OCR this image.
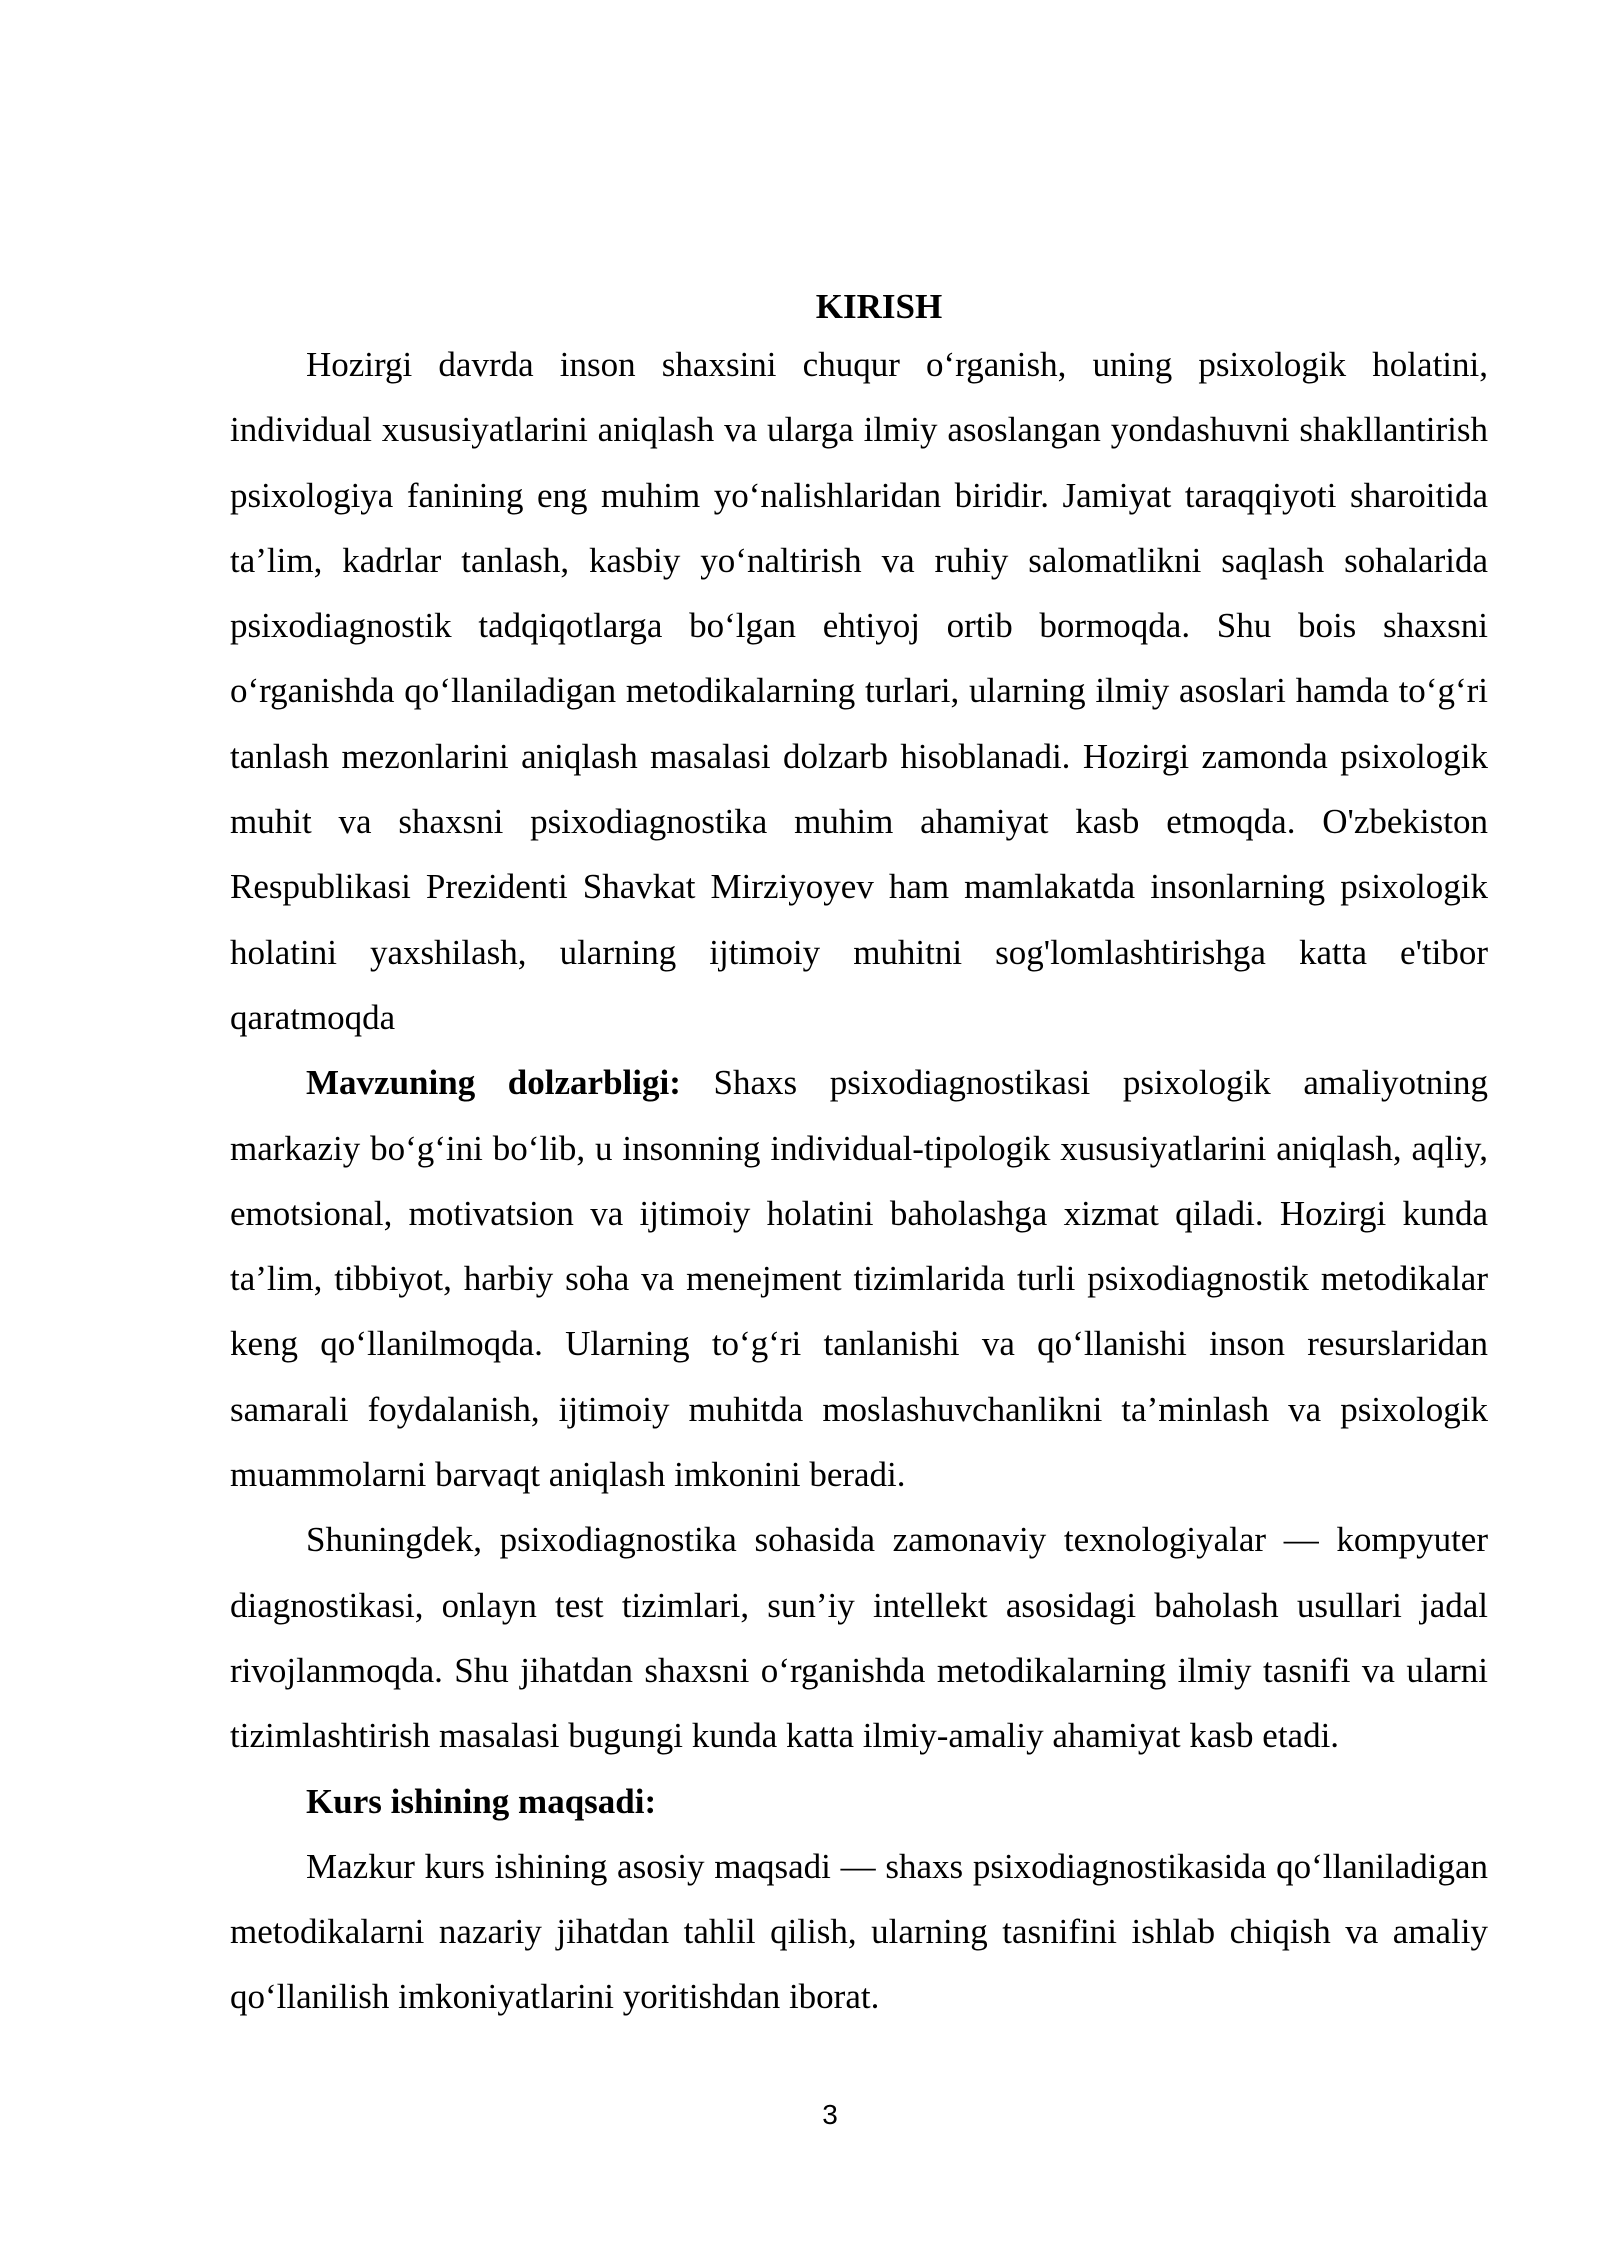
KIRISH

Hozirgi davrda inson shaxsini chuqur o‘rganish, uning psixologik holatini, individual xususiyatlarini aniqlash va ularga ilmiy asoslangan yondashuvni shakllantirish psixologiya fanining eng muhim yo‘nalishlaridan biridir. Jamiyat taraqqiyoti sharoitida ta’lim, kadrlar tanlash, kasbiy yo‘naltirish va ruhiy salomatlikni saqlash sohalarida psixodiagnostik tadqiqotlarga bo‘lgan ehtiyoj ortib bormoqda. Shu bois shaxsni o‘rganishda qo‘llaniladigan metodikalarning turlari, ularning ilmiy asoslari hamda to‘g‘ri tanlash mezonlarini aniqlash masalasi dolzarb hisoblanadi. Hozirgi zamonda psixologik muhit va shaxsni psixodiagnostika muhim ahamiyat kasb etmoqda. O'zbekiston Respublikasi Prezidenti Shavkat Mirziyoyev ham mamlakatda insonlarning psixologik holatini yaxshilash, ularning ijtimoiy muhitni sog'lomlashtirishga katta e'tibor qaratmoqda

Mavzuning dolzarbligi: Shaxs psixodiagnostikasi psixologik amaliyotning markaziy bo‘g‘ini bo‘lib, u insonning individual-tipologik xususiyatlarini aniqlash, aqliy, emotsional, motivatsion va ijtimoiy holatini baholashga xizmat qiladi. Hozirgi kunda ta’lim, tibbiyot, harbiy soha va menejment tizimlarida turli psixodiagnostik metodikalar keng qo‘llanilmoqda. Ularning to‘g‘ri tanlanishi va qo‘llanishi inson resurslaridan samarali foydalanish, ijtimoiy muhitda moslashuvchanlikni ta’minlash va psixologik muammolarni barvaqt aniqlash imkonini beradi.

Shuningdek, psixodiagnostika sohasida zamonaviy texnologiyalar — kompyuter diagnostikasi, onlayn test tizimlari, sun’iy intellekt asosidagi baholash usullari jadal rivojlanmoqda. Shu jihatdan shaxsni o‘rganishda metodikalarning ilmiy tasnifi va ularni tizimlashtirish masalasi bugungi kunda katta ilmiy-amaliy ahamiyat kasb etadi.

Kurs ishining maqsadi:

Mazkur kurs ishining asosiy maqsadi — shaxs psixodiagnostikasida qo‘llaniladigan metodikalarni nazariy jihatdan tahlil qilish, ularning tasnifini ishlab chiqish va amaliy qo‘llanilish imkoniyatlarini yoritishdan iborat.

3
